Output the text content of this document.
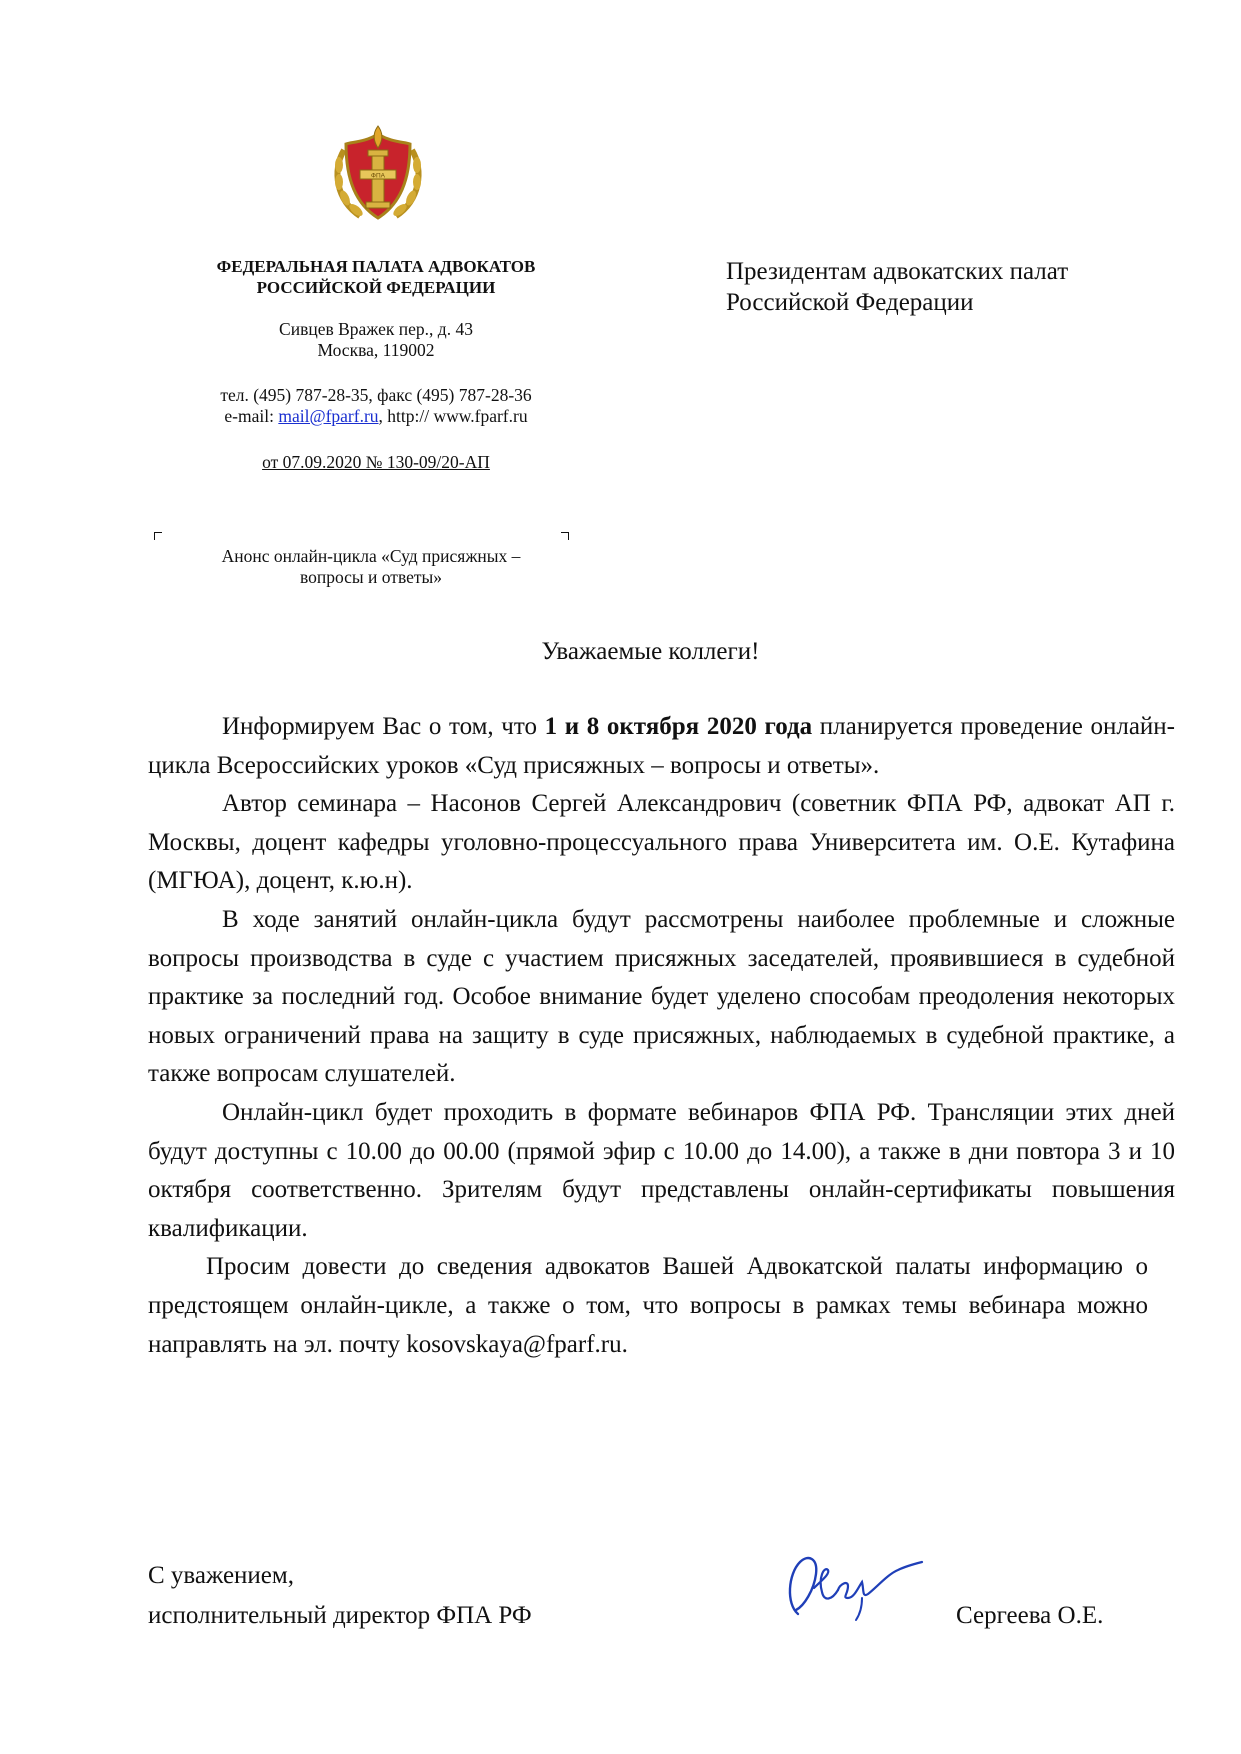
ФПА
ФЕДЕРАЛЬНАЯ ПАЛАТА АДВОКАТОВ
РОССИЙСКОЙ ФЕДЕРАЦИИ
Сивцев Вражек пер., д. 43
Москва, 119002
тел. (495) 787-28-35, факс (495) 787-28-36
e-mail: mail@fparf.ru, http:// www.fparf.ru
от 07.09.2020 № 130-09/20-АП
Анонс онлайн-цикла «Суд присяжных –
вопросы и ответы»
Президентам адвокатских палат
Российской Федерации
Уважаемые коллеги!

Информируем Вас о том, что 1 и 8 октября 2020 года планируется проведение онлайн-цикла Всероссийских уроков «Суд присяжных – вопросы и ответы».

Автор семинара – Насонов Сергей Александрович (советник ФПА РФ, адвокат АП г. Москвы, доцент кафедры уголовно-процессуального права Университета им. О.Е. Кутафина (МГЮА), доцент, к.ю.н).

В ходе занятий онлайн-цикла будут рассмотрены наиболее проблемные и сложные вопросы производства в суде с участием присяжных заседателей, проявившиеся в судебной практике за последний год. Особое внимание будет уделено способам преодоления некоторых новых ограничений права на защиту в суде присяжных, наблюдаемых в судебной практике, а также вопросам слушателей.

Онлайн-цикл будет проходить в формате вебинаров ФПА РФ. Трансляции этих дней будут доступны с 10.00 до 00.00 (прямой эфир с 10.00 до 14.00), а также в дни повтора 3 и 10 октября соответственно. Зрителям будут представлены онлайн-сертификаты повышения квалификации.

Просим довести до сведения адвокатов Вашей Адвокатской палаты информацию о предстоящем онлайн-цикле, а также о том, что вопросы в рамках темы вебинара можно направлять на эл. почту kosovskaya@fparf.ru.

С уважением,
исполнительный директор ФПА РФ	Сергеева О.Е.
